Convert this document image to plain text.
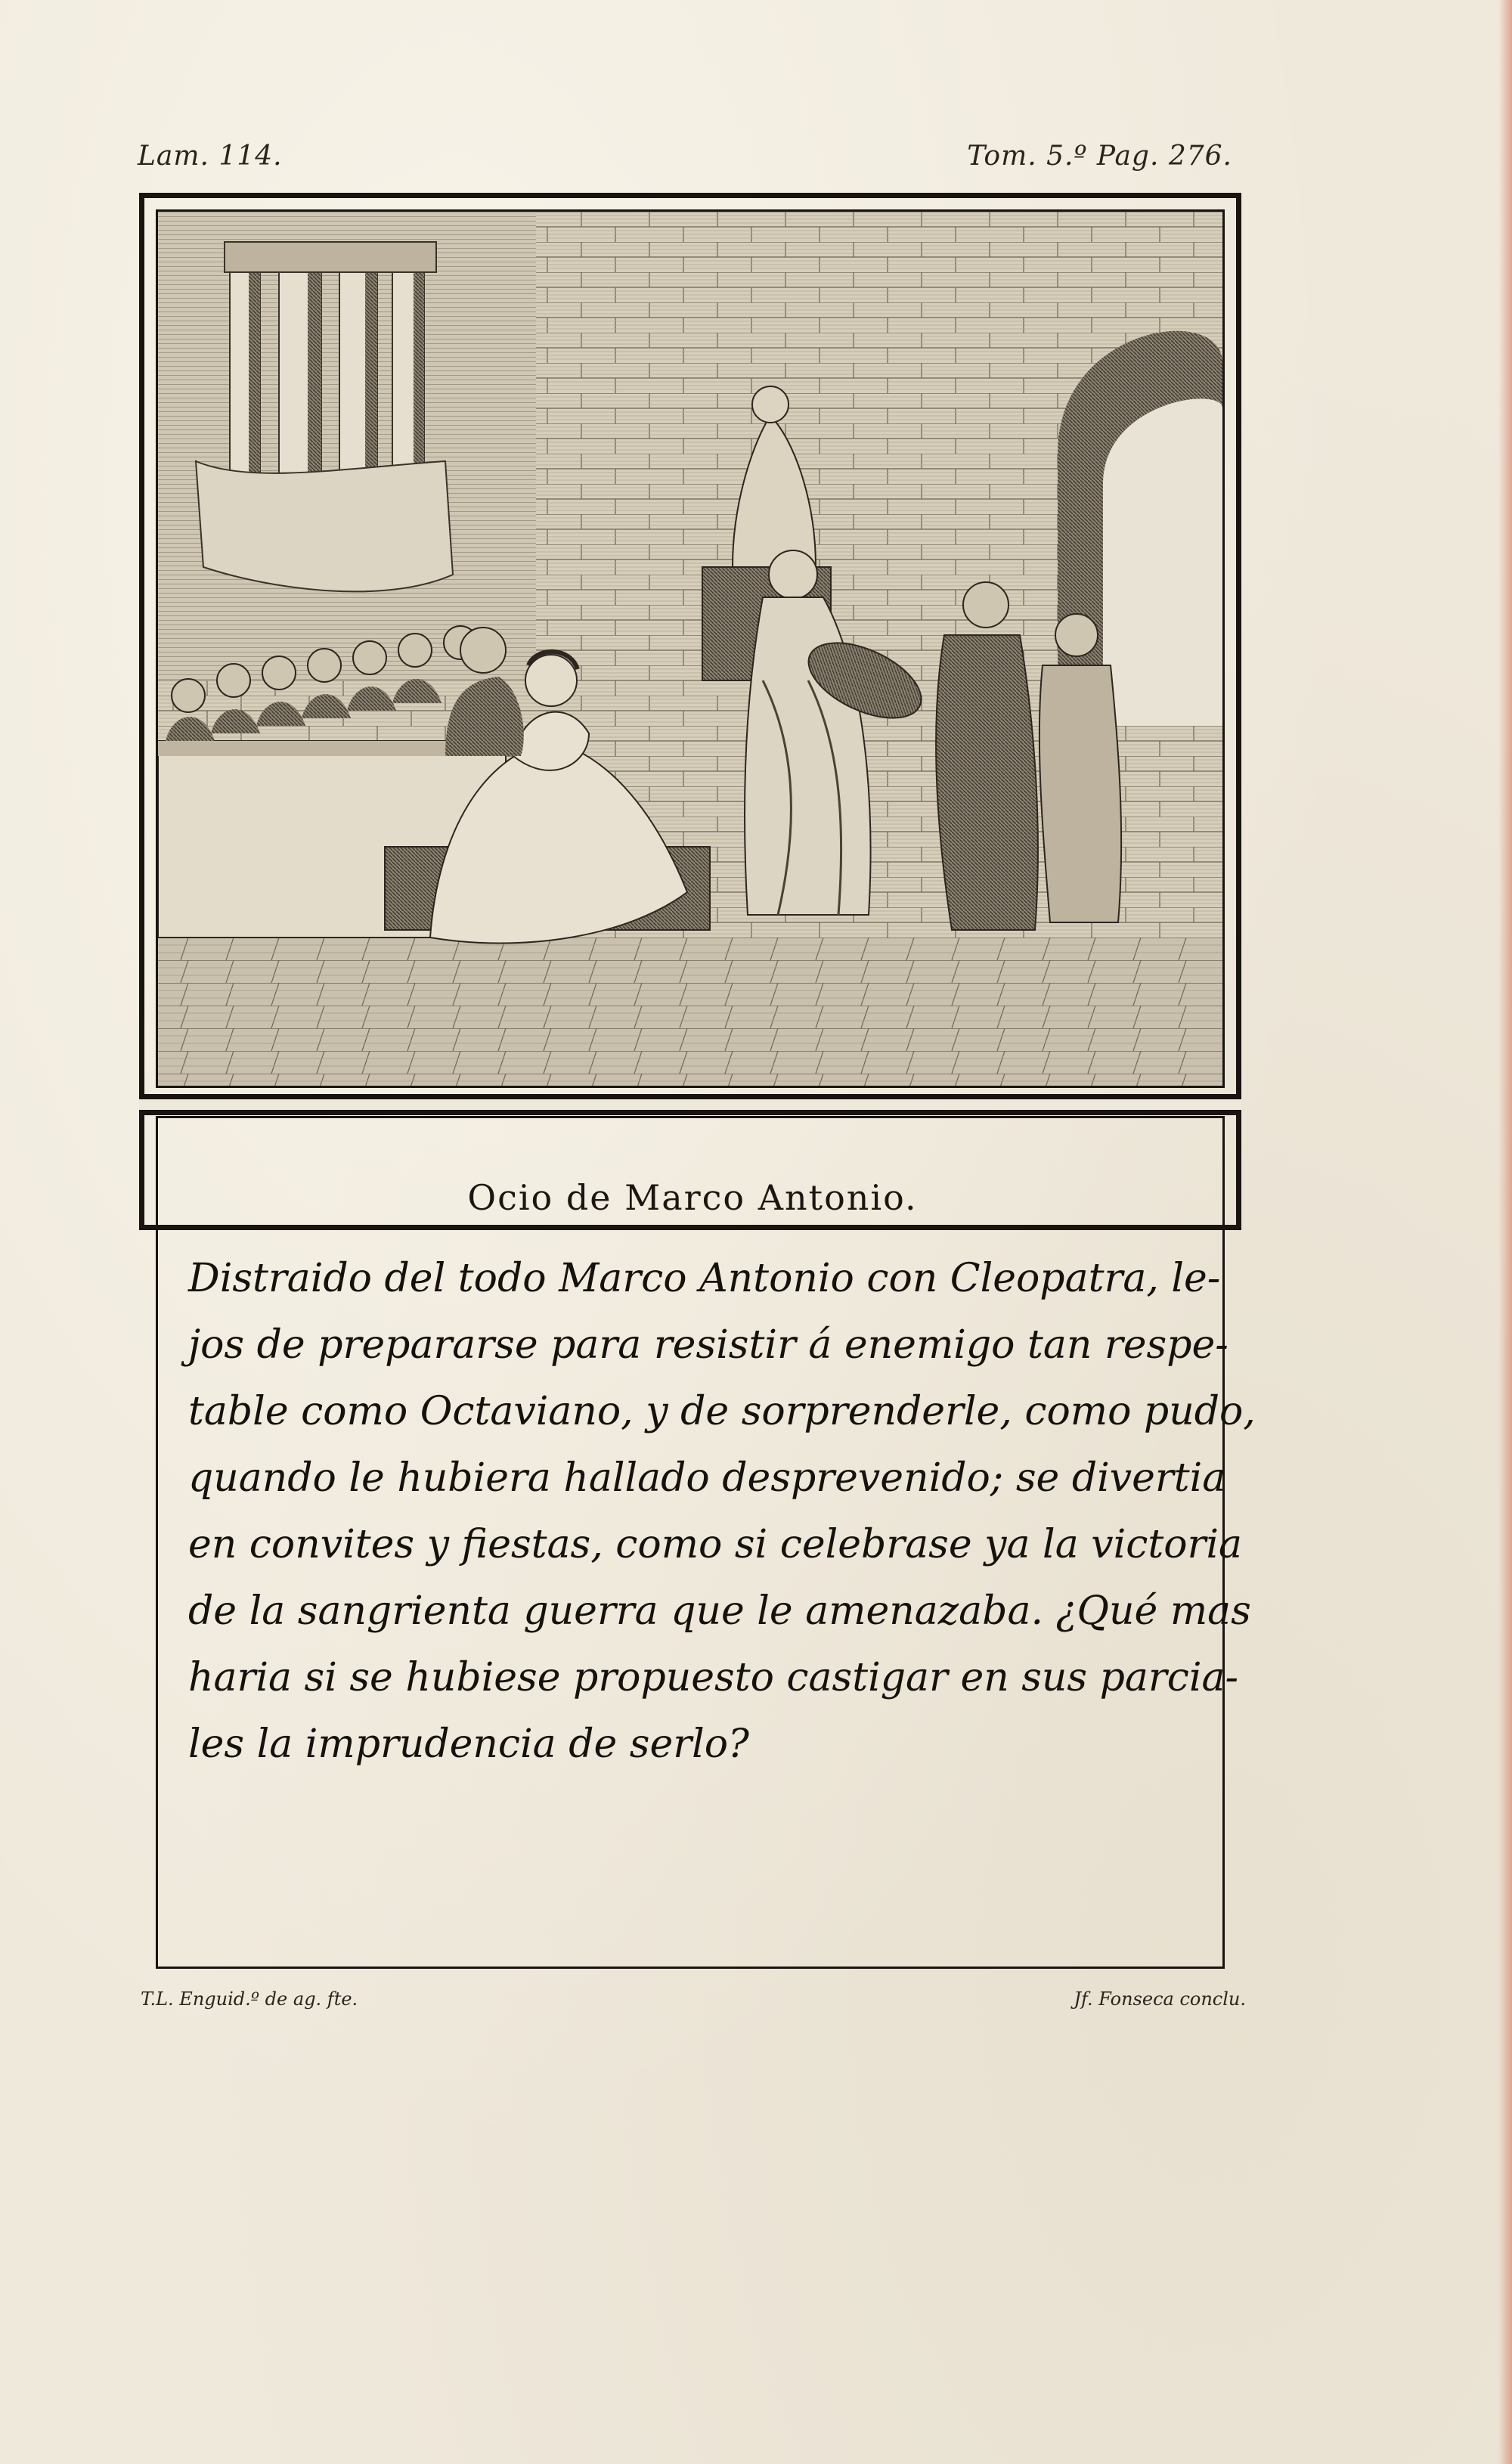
Lam. 114.	Tom. 5.º Pag. 276.
Ocio de Marco Antonio.
Distraido del todo Marco Antonio con Cleopatra, le-
jos de prepararse para resistir á enemigo tan respe-
table como Octaviano, y de sorprenderle, como pudo,
quando le hubiera hallado desprevenido; se divertia
en convites y fiestas, como si celebrase ya la victoria
de la sangrienta guerra que le amenazaba. ¿Qué mas
haria si se hubiese propuesto castigar en sus parcia-
les la imprudencia de serlo?
T.L. Enguid.º de ag. fte.	Jf. Fonseca conclu.
